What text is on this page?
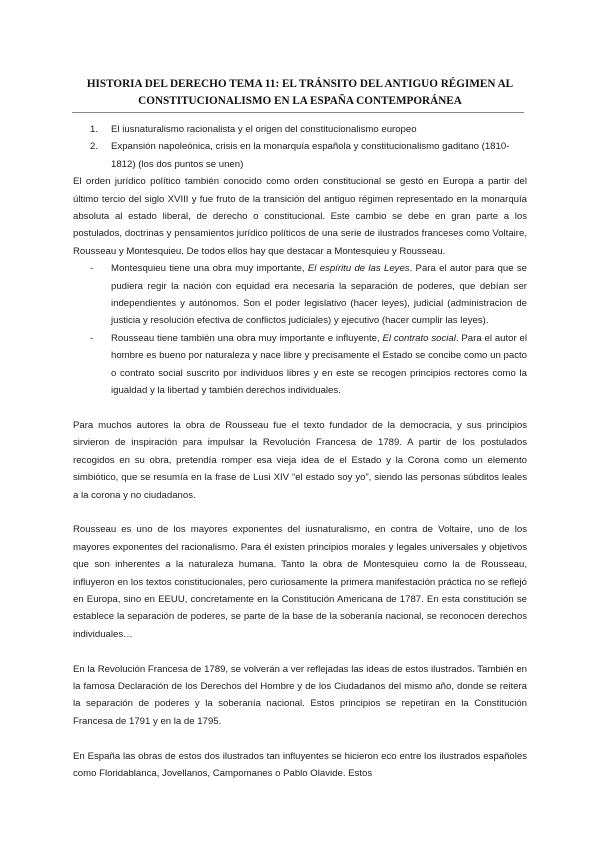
HISTORIA DEL DERECHO TEMA 11: EL TRÁNSITO DEL ANTIGUO RÉGIMEN AL
CONSTITUCIONALISMO EN LA ESPAÑA CONTEMPORÁNEA
1. El iusnaturalismo racionalista y el origen del constitucionalismo europeo
2. Expansión napoleónica, crisis en la monarquía española y constitucionalismo gaditano (1810-1812) (los dos puntos se unen)

El orden jurídico político también conocido como orden constitucional se gestó en Europa a partir del último tercio del siglo XVIII y fue fruto de la transición del antiguo régimen representado en la monarquía absoluta al estado liberal, de derecho o constitucional. Este cambio se debe en gran parte a los postulados, doctrinas y pensamientos jurídico políticos de una serie de ilustrados franceses como Voltaire, Rousseau y Montesquieu. De todos ellos hay que destacar a Montesquieu y Rousseau.

- Montesquieu tiene una obra muy importante, El espíritu de las Leyes. Para el autor para que se pudiera regir la nación con equidad era necesaria la separación de poderes, que debían ser independientes y autónomos. Son el poder legislativo (hacer leyes), judicial (administracion de justicia y resolución efectiva de conflictos judiciales) y ejecutivo (hacer cumplir las leyes).
- Rousseau tiene también una obra muy importante e influyente, El contrato social. Para el autor el hombre es bueno por naturaleza y nace libre y precisamente el Estado se concibe como un pacto o contrato social suscrito por individuos libres y en este se recogen principios rectores como la igualdad y la libertad y también derechos individuales.

Para muchos autores la obra de Rousseau fue el texto fundador de la democracia, y sus principios sirvieron de inspiración para impulsar la Revolución Francesa de 1789. A partir de los postulados recogidos en su obra, pretendía romper esa vieja idea de el Estado y la Corona como un elemento simbiótico, que se resumía en la frase de Lusi XIV “el estado soy yo”, siendo las personas súbditos leales a la corona y no ciudadanos.

Rousseau es uno de los mayores exponentes del iusnaturalismo, en contra de Voltaire, uno de los mayores exponentes del racionalismo. Para él existen principios morales y legales universales y objetivos que son inherentes a la naturaleza humana. Tanto la obra de Montesquieu como la de Rousseau, influyeron en los textos constitucionales, pero curiosamente la primera manifestación práctica no se reflejó en Europa, sino en EEUU, concretamente en la Constitución Americana de 1787. En esta constitución se establece la separación de poderes, se parte de la base de la soberanía nacional, se reconocen derechos individuales…

En la Revolución Francesa de 1789, se volverán a ver reflejadas las ideas de estos ilustrados. También en la famosa Declaración de los Derechos del Hombre y de los Ciudadanos del mismo año, donde se reitera la separación de poderes y la soberanía nacional. Estos principios se repetiran en la Constitución Francesa de 1791 y en la de 1795.

En España las obras de estos dos ilustrados tan influyentes se hicieron eco entre los ilustrados españoles como Floridablanca, Jovellanos, Campomanes o Pablo Olavide. Estos
